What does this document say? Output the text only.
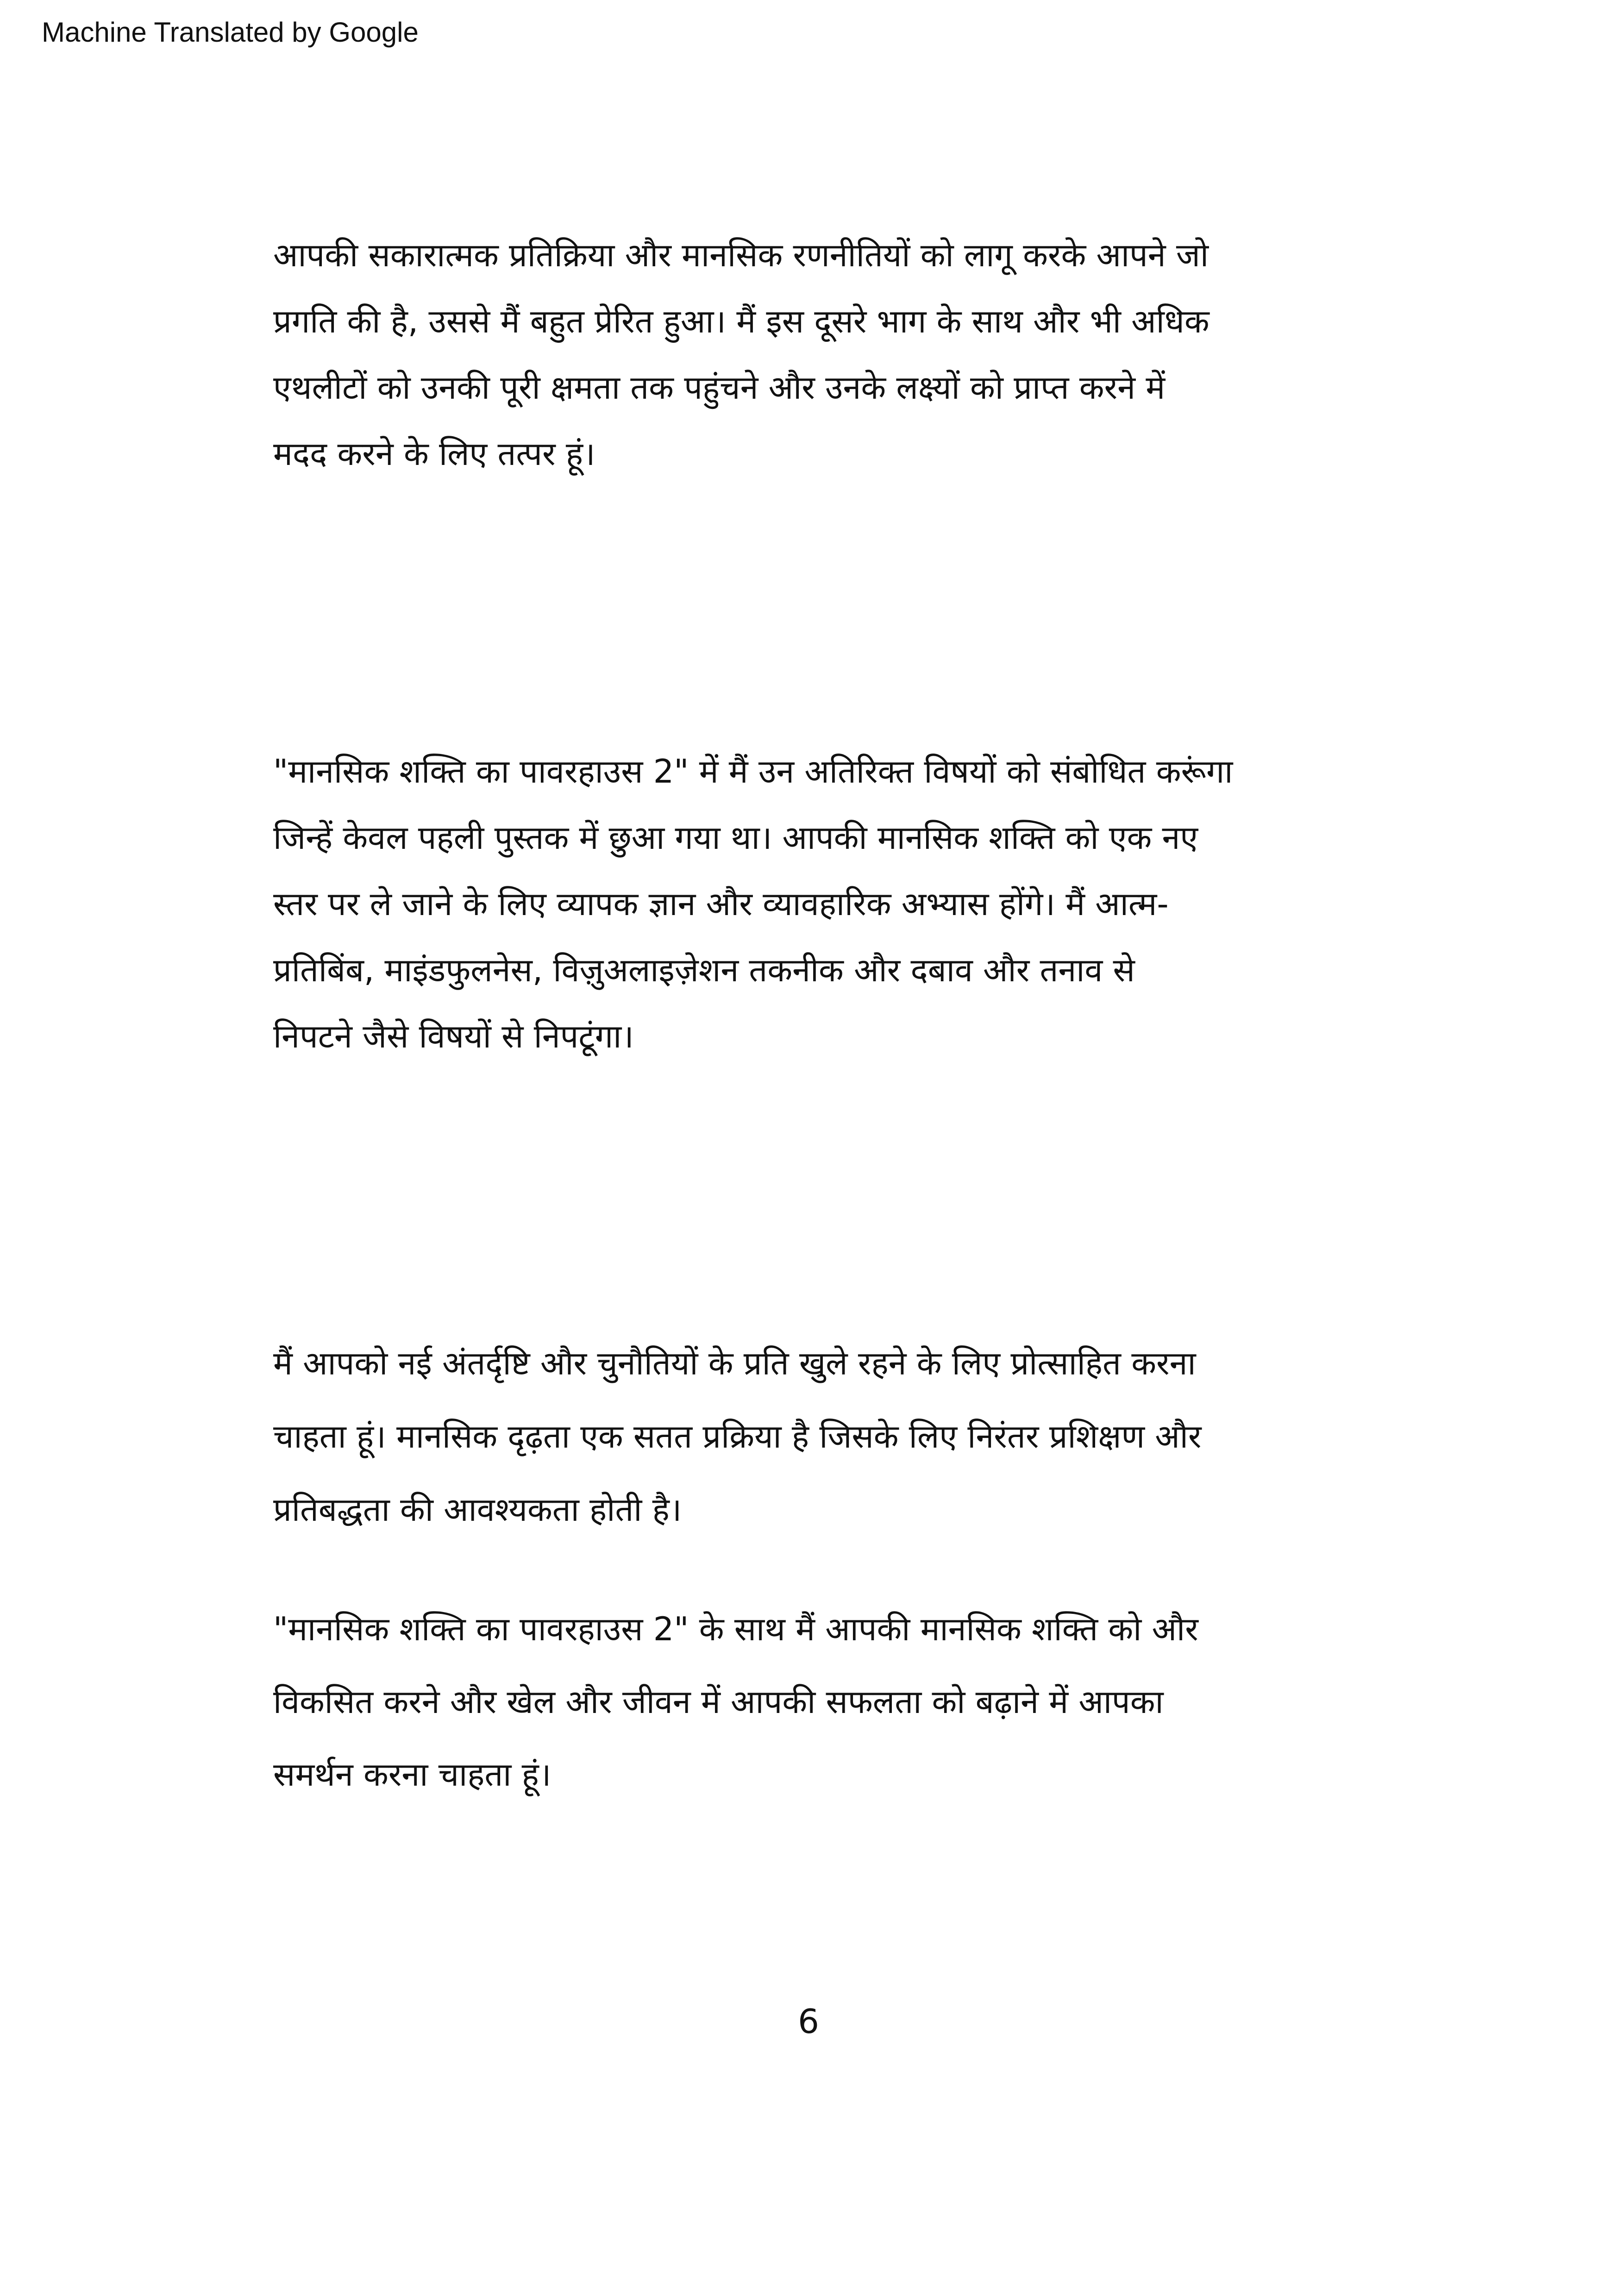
Machine Translated by Google
आपकी सकारात्मक प्रतिक्रिया और मानसिक रणनीतियों को लागू करके आपने जो
प्रगति की है, उससे मैं बहुत प्रेरित हुआ। मैं इस दूसरे भाग के साथ और भी अधिक
एथलीटों को उनकी पूरी क्षमता तक पहुंचने और उनके लक्ष्यों को प्राप्त करने में
मदद करने के लिए तत्पर हूं।
"मानसिक शक्ति का पावरहाउस 2" में मैं उन अतिरिक्त विषयों को संबोधित करूंगा
जिन्हें केवल पहली पुस्तक में छुआ गया था। आपकी मानसिक शक्ति को एक नए
स्तर पर ले जाने के लिए व्यापक ज्ञान और व्यावहारिक अभ्यास होंगे। मैं आत्म-
प्रतिबिंब, माइंडफुलनेस, विज़ुअलाइज़ेशन तकनीक और दबाव और तनाव से
निपटने जैसे विषयों से निपटूंगा।
मैं आपको नई अंतर्दृष्टि और चुनौतियों के प्रति खुले रहने के लिए प्रोत्साहित करना
चाहता हूं। मानसिक दृढ़ता एक सतत प्रक्रिया है जिसके लिए निरंतर प्रशिक्षण और
प्रतिबद्धता की आवश्यकता होती है।
"मानसिक शक्ति का पावरहाउस 2" के साथ मैं आपकी मानसिक शक्ति को और
विकसित करने और खेल और जीवन में आपकी सफलता को बढ़ाने में आपका
समर्थन करना चाहता हूं।
6
